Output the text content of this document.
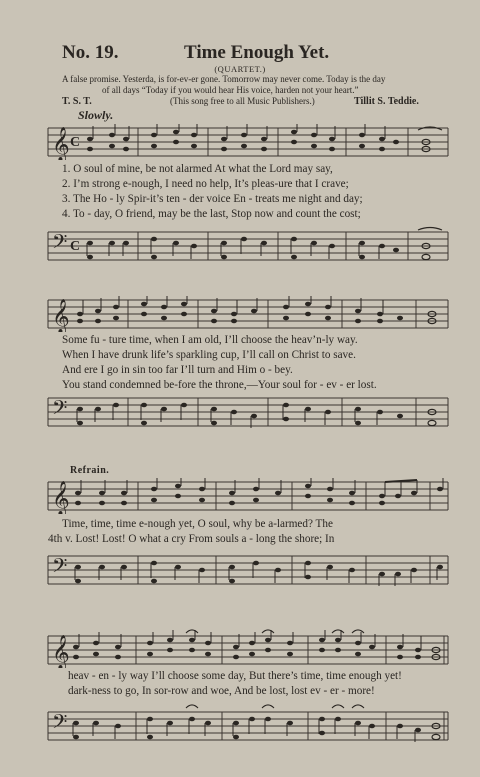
No. 19.	Time Enough Yet.
(QUARTET.)
A false promise. Yesterda, is for-ev-er gone. Tomorrow may never come. Today is the day
of all days “Today if you would hear His voice, harden not your heart.”
T. S. T.	(This song free to all Music Publishers.)	Tillit S. Teddie.
Slowly.
𝄞 C
1. O soul of mine, be not alarmed At what the Lord may say,
2. I’m strong e-nough, I need no help, It’s pleas-ure that I crave;
3. The Ho - ly Spir-it’s ten - der voice En - treats me night and day;
4. To - day, O friend, may be the last, Stop now and count the cost;
𝄢 C
𝄞
Some fu - ture time, when I am old, I’ll choose the heav’n-ly way.
When I have drunk life’s sparkling cup, I’ll call on Christ to save.
And ere I go in sin too far I’ll turn and Him o - bey.
You stand condemned be-fore the throne,—Your soul for - ev - er lost.
𝄢
Refrain.
𝄞
Time, time, time e-nough yet, O soul, why be a-larmed? The
4th v. Lost! Lost! O what a cry From souls a - long the shore; In
𝄢
𝄞
heav - en - ly way I’ll choose some day, But there’s time, time enough yet!
dark-ness to go, In sor-row and woe, And be lost, lost ev - er - more!
𝄢
